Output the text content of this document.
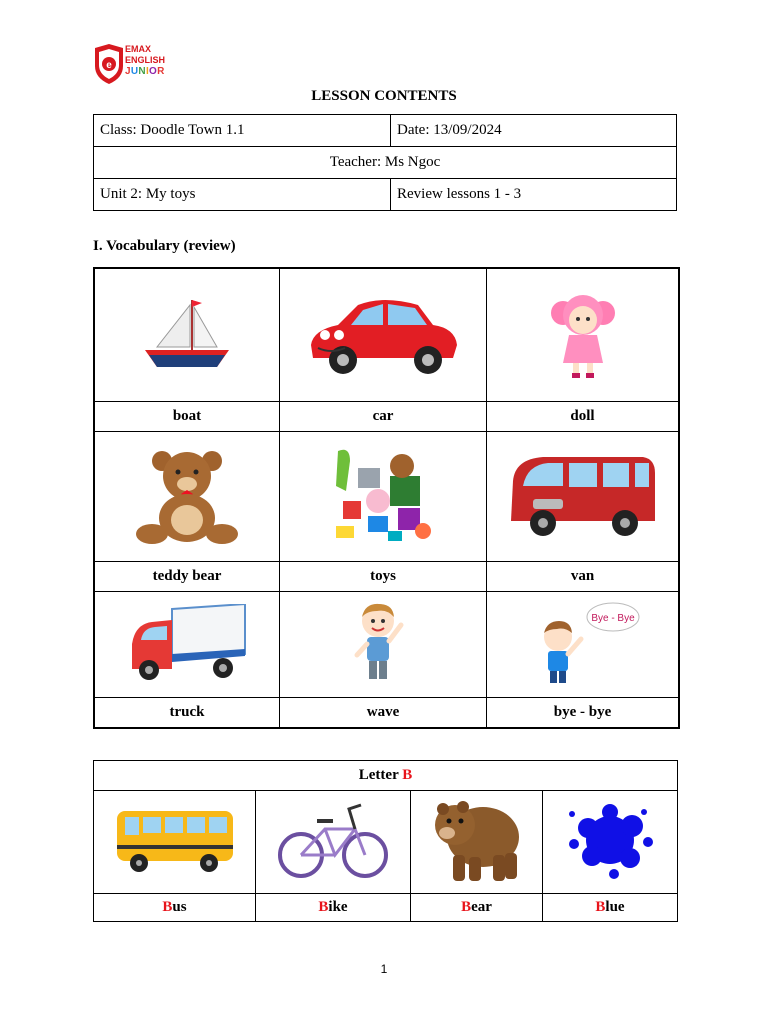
e
EMAX
ENGLISH
JUNIOR
LESSON CONTENTS
Class: Doodle Town 1.1	Date: 13/09/2024
Teacher: Ms Ngoc	
Unit 2: My toys	Review lessons 1 - 3
I. Vocabulary (review)

boat	car	doll

teddy bear	toys	van

Bye - Bye

truck	wave	bye - bye
Letter B			

Bus	Bike	Bear	Blue
1
